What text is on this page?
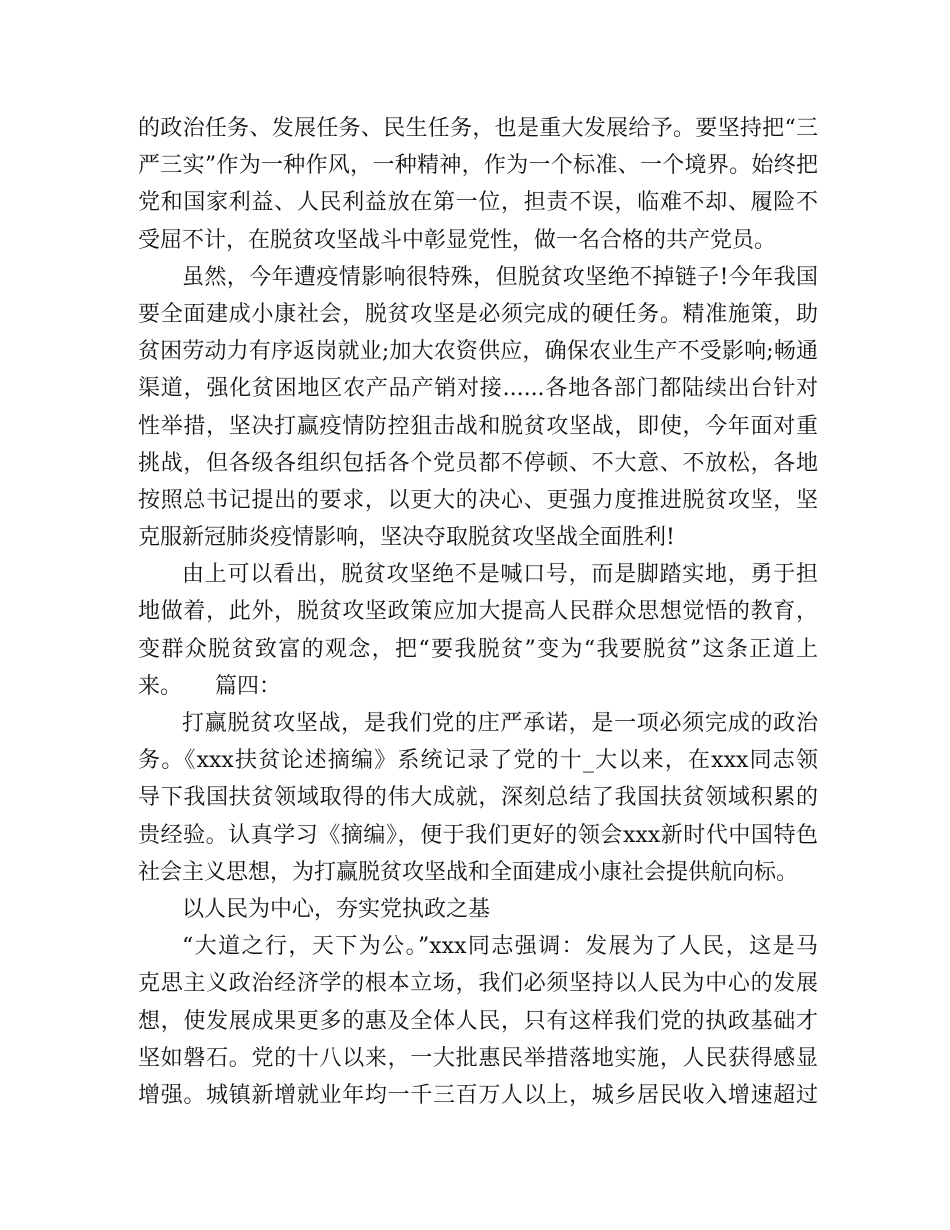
的政治任务、发展任务、民生任务，也是重大发展给予。要坚持把“三
严三实”作为一种作风，一种精神，作为一个标准、一个境界。始终把
党和国家利益、人民利益放在第一位，担责不误，临难不却、履险不
受屈不计，在脱贫攻坚战斗中彰显党性，做一名合格的共产党员。
虽然，今年遭疫情影响很特殊，但脱贫攻坚绝不掉链子!今年我国
要全面建成小康社会，脱贫攻坚是必须完成的硬任务。精准施策，助
贫困劳动力有序返岗就业;加大农资供应，确保农业生产不受影响;畅通
渠道，强化贫困地区农产品产销对接......各地各部门都陆续出台针对
性举措，坚决打赢疫情防控狙击战和脱贫攻坚战，即使，今年面对重
挑战，但各级各组织包括各个党员都不停顿、不大意、不放松，各地
按照总书记提出的要求，以更大的决心、更强力度推进脱贫攻坚，坚
克服新冠肺炎疫情影响，坚决夺取脱贫攻坚战全面胜利!
由上可以看出，脱贫攻坚绝不是喊口号，而是脚踏实地，勇于担
地做着，此外，脱贫攻坚政策应加大提高人民群众思想觉悟的教育，
变群众脱贫致富的观念，把“要我脱贫”变为“我要脱贫”这条正道上
来。　　篇四：
打赢脱贫攻坚战，是我们党的庄严承诺，是一项必须完成的政治
务。《xxx扶贫论述摘编》系统记录了党的十_大以来，在xxx同志领
导下我国扶贫领域取得的伟大成就，深刻总结了我国扶贫领域积累的
贵经验。认真学习《摘编》，便于我们更好的领会xxx新时代中国特色
社会主义思想，为打赢脱贫攻坚战和全面建成小康社会提供航向标。
以人民为中心，夯实党执政之基
“大道之行，天下为公。”xxx同志强调：发展为了人民，这是马
克思主义政治经济学的根本立场，我们必须坚持以人民为中心的发展
想，使发展成果更多的惠及全体人民，只有这样我们党的执政基础才
坚如磐石。党的十八以来，一大批惠民举措落地实施，人民获得感显
增强。城镇新增就业年均一千三百万人以上，城乡居民收入增速超过
